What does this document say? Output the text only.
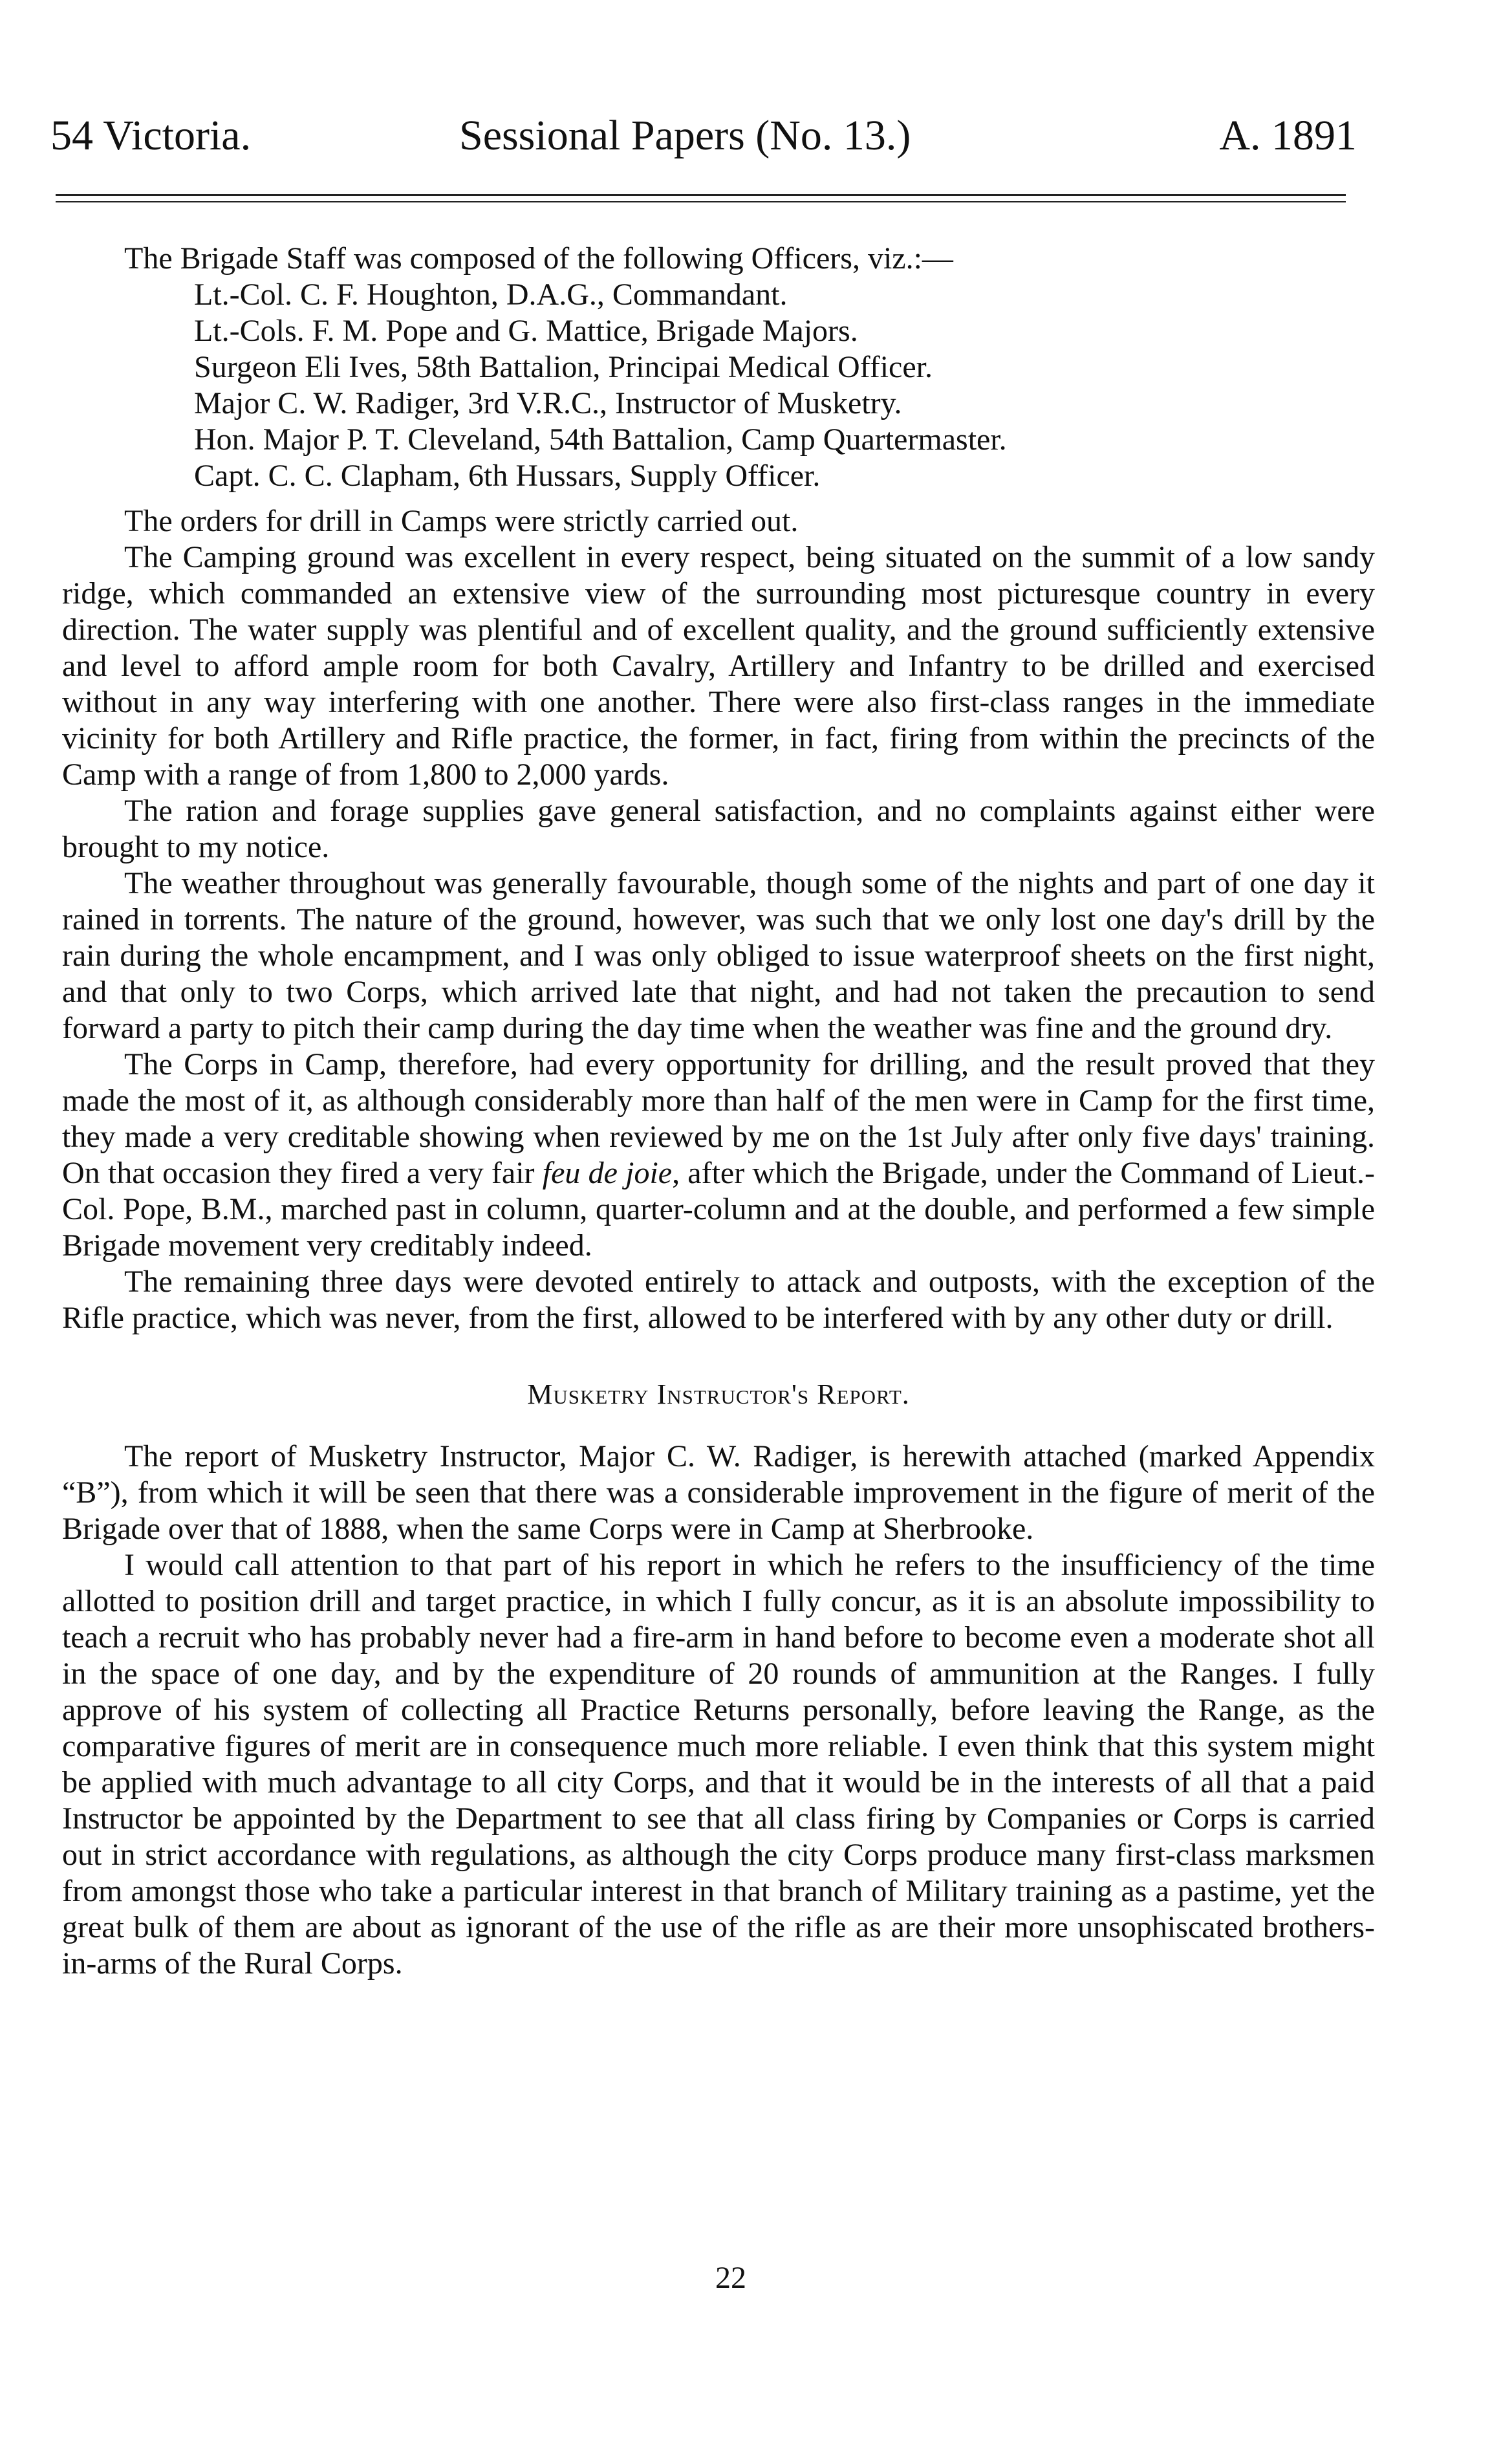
54 Victoria.	Sessional Papers (No. 13.)	A. 1891

The Brigade Staff was composed of the following Officers, viz.:—

Lt.-Col. C. F. Houghton, D.A.G., Commandant.
Lt.-Cols. F. M. Pope and G. Mattice, Brigade Majors.
Surgeon Eli Ives, 58th Battalion, Principai Medical Officer.
Major C. W. Radiger, 3rd V.R.C., Instructor of Musketry.
Hon. Major P. T. Cleveland, 54th Battalion, Camp Quartermaster.
Capt. C. C. Clapham, 6th Hussars, Supply Officer.

The orders for drill in Camps were strictly carried out.

The Camping ground was excellent in every respect, being situated on the summit of a low sandy ridge, which commanded an extensive view of the surrounding most picturesque country in every direction. The water supply was plentiful and of excellent quality, and the ground sufficiently extensive and level to afford ample room for both Cavalry, Artillery and Infantry to be drilled and exercised without in any way interfering with one another. There were also first-class ranges in the immediate vicinity for both Artillery and Rifle practice, the former, in fact, firing from within the precincts of the Camp with a range of from 1,800 to 2,000 yards.

The ration and forage supplies gave general satisfaction, and no complaints against either were brought to my notice.

The weather throughout was generally favourable, though some of the nights and part of one day it rained in torrents. The nature of the ground, however, was such that we only lost one day's drill by the rain during the whole encampment, and I was only obliged to issue waterproof sheets on the first night, and that only to two Corps, which arrived late that night, and had not taken the precaution to send forward a party to pitch their camp during the day time when the weather was fine and the ground dry.

The Corps in Camp, therefore, had every opportunity for drilling, and the result proved that they made the most of it, as although considerably more than half of the men were in Camp for the first time, they made a very creditable showing when reviewed by me on the 1st July after only five days' training. On that occasion they fired a very fair feu de joie, after which the Brigade, under the Command of Lieut.-Col. Pope, B.M., marched past in column, quarter-column and at the double, and performed a few simple Brigade movement very creditably indeed.

The remaining three days were devoted entirely to attack and outposts, with the exception of the Rifle practice, which was never, from the first, allowed to be interfered with by any other duty or drill.

Musketry Instructor's Report.

The report of Musketry Instructor, Major C. W. Radiger, is herewith attached (marked Appendix “B”), from which it will be seen that there was a considerable improvement in the figure of merit of the Brigade over that of 1888, when the same Corps were in Camp at Sherbrooke.

I would call attention to that part of his report in which he refers to the insufficiency of the time allotted to position drill and target practice, in which I fully concur, as it is an absolute impossibility to teach a recruit who has probably never had a fire-arm in hand before to become even a moderate shot all in the space of one day, and by the expenditure of 20 rounds of ammunition at the Ranges. I fully approve of his system of collecting all Practice Returns personally, before leaving the Range, as the comparative figures of merit are in consequence much more reliable. I even think that this system might be applied with much advantage to all city Corps, and that it would be in the interests of all that a paid Instructor be appointed by the Department to see that all class firing by Companies or Corps is carried out in strict accordance with regulations, as although the city Corps produce many first-class marksmen from amongst those who take a particular interest in that branch of Military training as a pastime, yet the great bulk of them are about as ignorant of the use of the rifle as are their more unsophiscated brothers-in-arms of the Rural Corps.

22
